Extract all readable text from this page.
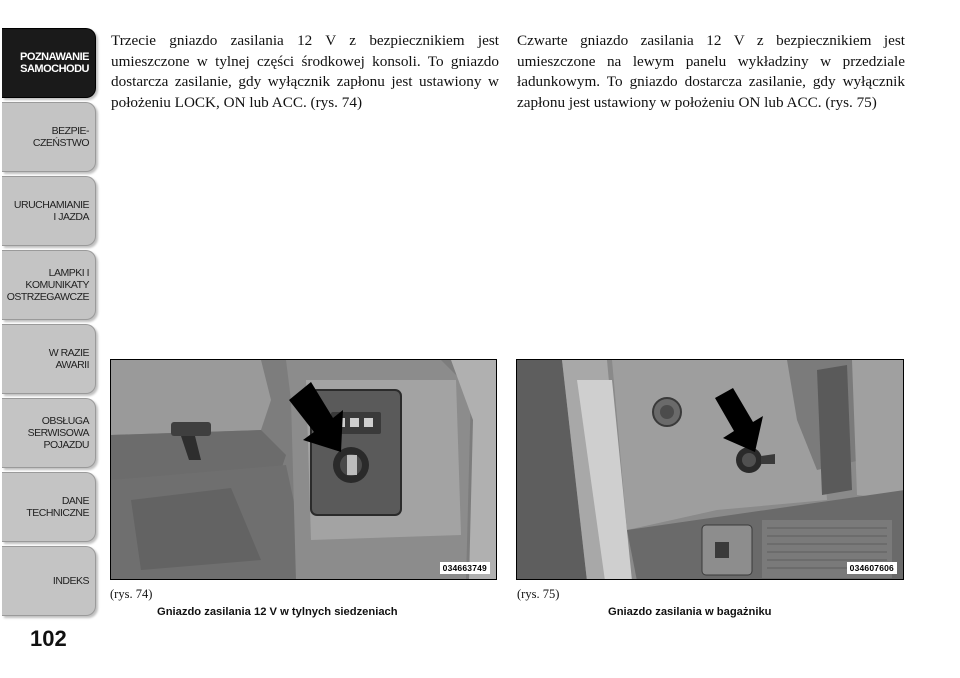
POZNAWANIE
SAMOCHODU
BEZPIE-
CZEŃSTWO
URUCHAMIANIE
I JAZDA
LAMPKI I
KOMUNIKATY
OSTRZEGAWCZE
W RAZIE
AWARII
OBSŁUGA
SERWISOWA
POJAZDU
DANE
TECHNICZNE
INDEKS
102

Trzecie gniazdo zasilania 12 V z bezpiecznikiem jest umieszczone w tylnej części środkowej konsoli. To gniazdo dostarcza zasilanie, gdy wyłącznik zapłonu jest ustawiony w położeniu LOCK, ON lub ACC. (rys. 74)

Czwarte gniazdo zasilania 12 V z bezpiecznikiem jest umieszczone na lewym panelu wykładziny w przedziale ładunkowym. To gniazdo dostarcza zasilanie, gdy wyłącznik zapłonu jest ustawiony w położeniu ON lub ACC. (rys. 75)

034663749	034607606
(rys. 74)
Gniazdo zasilania 12 V w tylnych siedzeniach
(rys. 75)
Gniazdo zasilania w bagażniku
